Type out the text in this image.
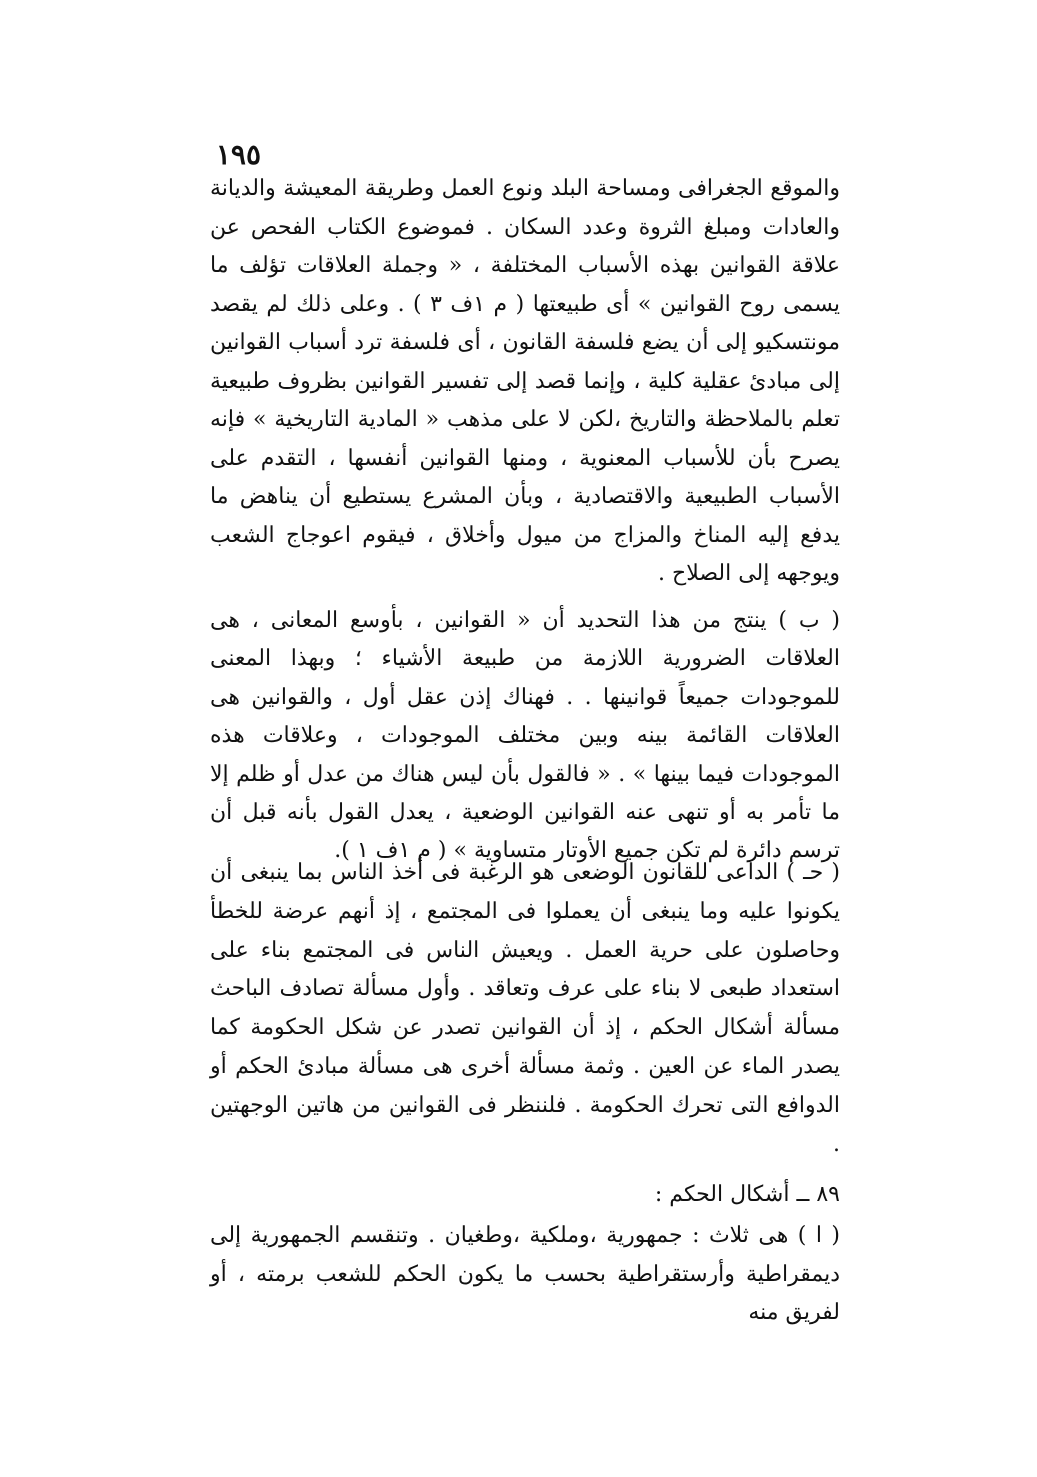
١٩٥

والموقع الجغرافى ومساحة البلد ونوع العمل وطريقة المعيشة والديانة والعادات ومبلغ الثروة وعدد السكان . فموضوع الكتاب الفحص عن علاقة القوانين بهذه الأسباب المختلفة ، « وجملة العلاقات تؤلف ما يسمى روح القوانين » أى طبيعتها ( م ١ف ٣ ) . وعلى ذلك لم يقصد مونتسكيو إلى أن يضع فلسفة القانون ، أى فلسفة ترد أسباب القوانين إلى مبادئ عقلية كلية ، وإنما قصد إلى تفسير القوانين بظروف طبيعية تعلم بالملاحظة والتاريخ ،لكن لا على مذهب « المادية التاريخية » فإنه يصرح بأن للأسباب المعنوية ، ومنها القوانين أنفسها ، التقدم على الأسباب الطبيعية والاقتصادية ، وبأن المشرع يستطيع أن يناهض ما يدفع إليه المناخ والمزاج من ميول وأخلاق ، فيقوم اعوجاج الشعب ويوجهه إلى الصلاح .

( ب ) ينتج من هذا التحديد أن « القوانين ، بأوسع المعانى ، هى العلاقات الضرورية اللازمة من طبيعة الأشياء ؛ وبهذا المعنى للموجودات جميعاً قوانينها . . فهناك إذن عقل أول ، والقوانين هى العلاقات القائمة بينه وبين مختلف الموجودات ، وعلاقات هذه الموجودات فيما بينها » . « فالقول بأن ليس هناك من عدل أو ظلم إلا ما تأمر به أو تنهى عنه القوانين الوضعية ، يعدل القول بأنه قبل أن ترسم دائرة لم تكن جميع الأوتار متساوية » ( م ١ف ١ ).

( حـ ) الداعى للقانون الوضعى هو الرغبة فى أخذ الناس بما ينبغى أن يكونوا عليه وما ينبغى أن يعملوا فى المجتمع ، إذ أنهم عرضة للخطأ وحاصلون على حرية العمل . ويعيش الناس فى المجتمع بناء على استعداد طبعى لا بناء على عرف وتعاقد . وأول مسألة تصادف الباحث مسألة أشكال الحكم ، إذ أن القوانين تصدر عن شكل الحكومة كما يصدر الماء عن العين . وثمة مسألة أخرى هى مسألة مبادئ الحكم أو الدوافع التى تحرك الحكومة . فلننظر فى القوانين من هاتين الوجهتين .

٨٩ ــ أشكال الحكم :

( ا ) هى ثلاث : جمهورية ،وملكية ،وطغيان . وتنقسم الجمهورية إلى ديمقراطية وأرستقراطية بحسب ما يكون الحكم للشعب برمته ، أو لفريق منه
